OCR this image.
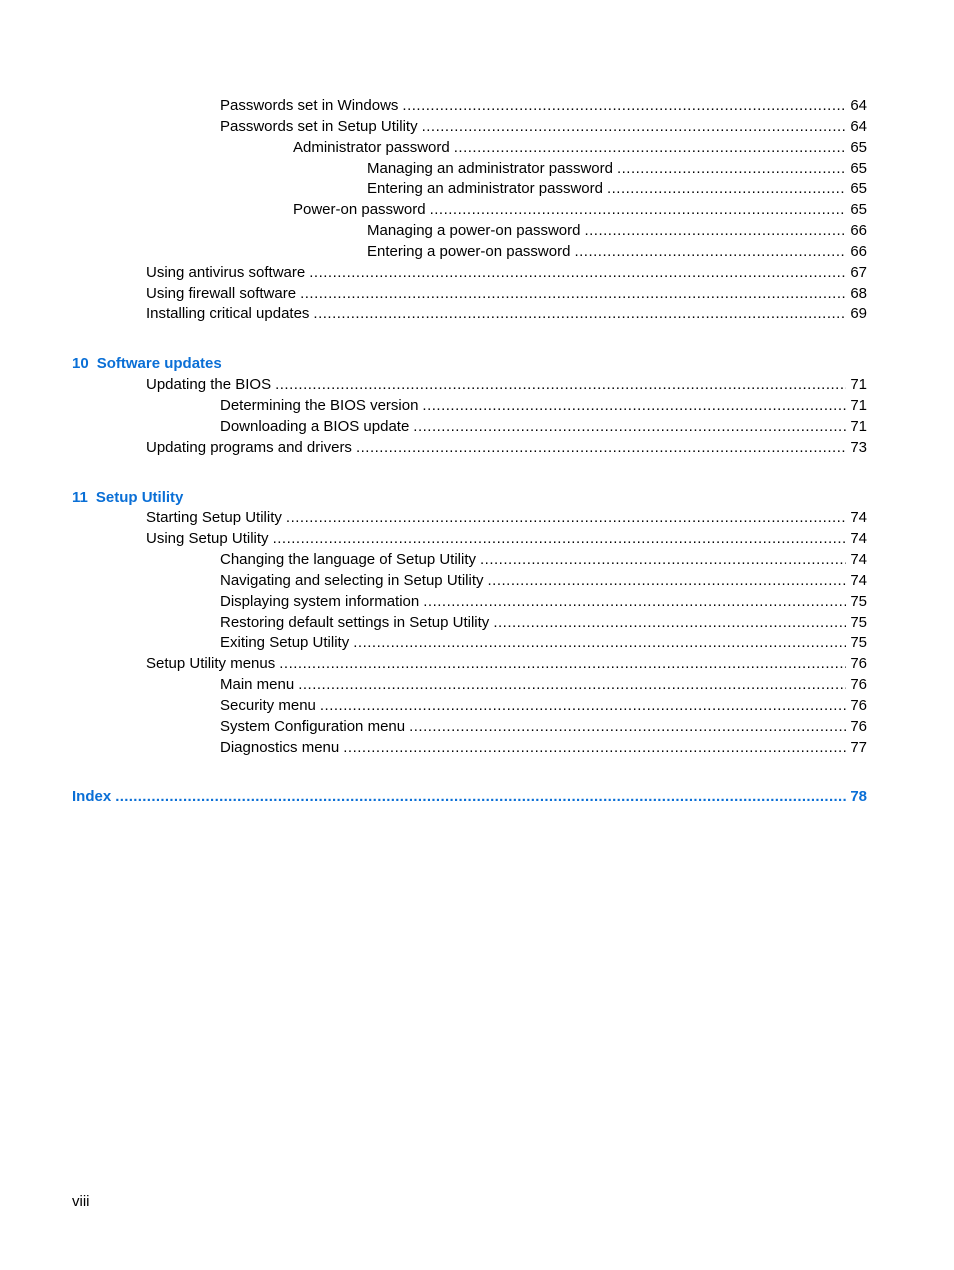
Passwords set in Windows .....	64
Passwords set in Setup Utility .....	64
Administrator password .....	65
Managing an administrator password .....	65
Entering an administrator password .....	65
Power-on password .....	65
Managing a power-on password .....	66
Entering a power-on password .....	66
Using antivirus software .....	67
Using firewall software .....	68
Installing critical updates .....	69
10 Software updates
Updating the BIOS .....	71
Determining the BIOS version .....	71
Downloading a BIOS update .....	71
Updating programs and drivers .....	73
11 Setup Utility
Starting Setup Utility .....	74
Using Setup Utility .....	74
Changing the language of Setup Utility .....	74
Navigating and selecting in Setup Utility .....	74
Displaying system information .....	75
Restoring default settings in Setup Utility .....	75
Exiting Setup Utility .....	75
Setup Utility menus .....	76
Main menu .....	76
Security menu .....	76
System Configuration menu .....	76
Diagnostics menu .....	77
Index .....	78
viii
